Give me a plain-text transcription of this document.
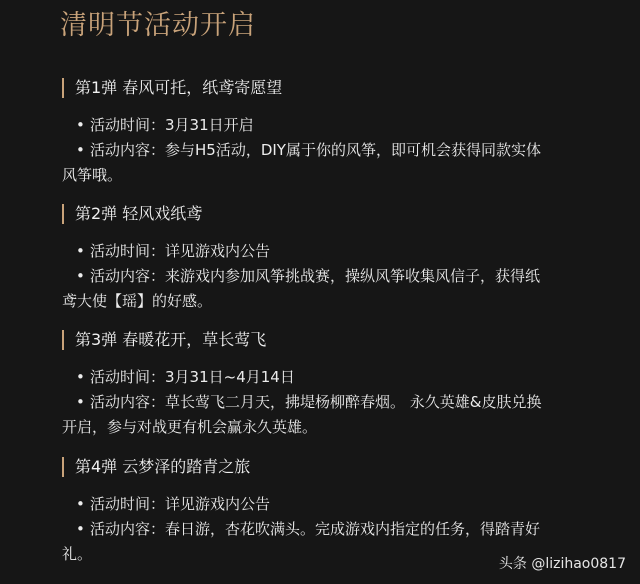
清明节活动开启
第1弹 春风可托，纸鸢寄愿望
• 活动时间：3月31日开启
• 活动内容：参与H5活动，DIY属于你的风筝，即可机会获得同款实体
风筝哦。
第2弹 轻风戏纸鸢
• 活动时间：详见游戏内公告
• 活动内容：来游戏内参加风筝挑战赛，操纵风筝收集风信子，获得纸
鸢大使【瑶】的好感。
第3弹 春暖花开，草长莺飞
• 活动时间：3月31日~4月14日
• 活动内容：草长莺飞二月天，拂堤杨柳醉春烟。 永久英雄&皮肤兑换
开启，参与对战更有机会赢永久英雄。
第4弹 云梦泽的踏青之旅
• 活动时间：详见游戏内公告
• 活动内容：春日游，杏花吹满头。完成游戏内指定的任务，得踏青好
礼。
头条 @lizihao0817
